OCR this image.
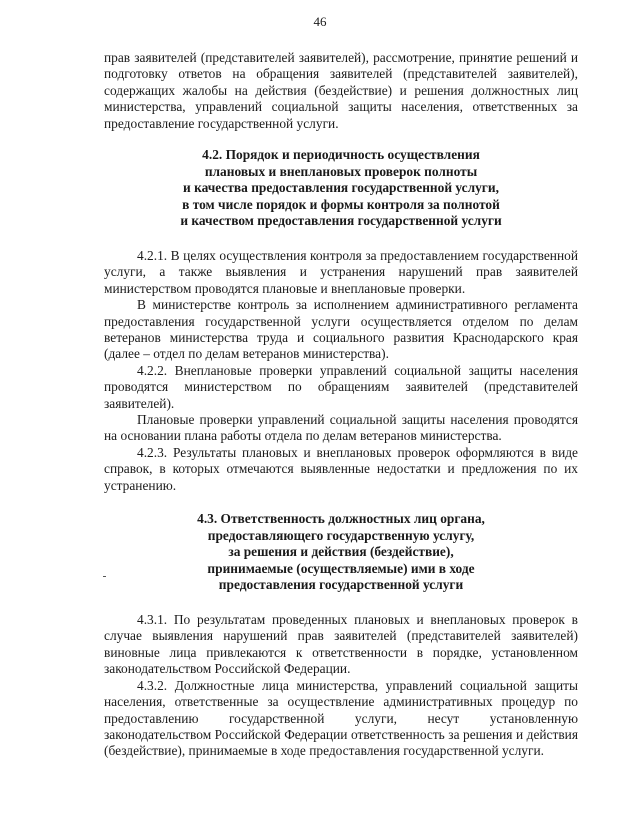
46

прав заявителей (представителей заявителей), рассмотрение, принятие решений и подготовку ответов на обращения заявителей (представителей заявителей), содержащих жалобы на действия (бездействие) и решения должностных лиц министерства, управлений социальной защиты населения, ответственных за предоставление государственной услуги.

4.2. Порядок и периодичность осуществления
плановых и внеплановых проверок полноты
и качества предоставления государственной услуги,
в том числе порядок и формы контроля за полнотой
и качеством предоставления государственной услуги

4.2.1. В целях осуществления контроля за предоставлением государственной услуги, а также выявления и устранения нарушений прав заявителей министерством проводятся плановые и внеплановые проверки.

В министерстве контроль за исполнением административного регламента предоставления государственной услуги осуществляется отделом по делам ветеранов министерства труда и социального развития Краснодарского края (далее – отдел по делам ветеранов министерства).

4.2.2. Внеплановые проверки управлений социальной защиты населения проводятся министерством по обращениям заявителей (представителей заявителей).

Плановые проверки управлений социальной защиты населения проводятся на основании плана работы отдела по делам ветеранов министерства.

4.2.3. Результаты плановых и внеплановых проверок оформляются в виде справок, в которых отмечаются выявленные недостатки и предложения по их устранению.

4.3. Ответственность должностных лиц органа,
предоставляющего государственную услугу,
за решения и действия (бездействие),
принимаемые (осуществляемые) ими в ходе
предоставления государственной услуги

4.3.1. По результатам проведенных плановых и внеплановых проверок в случае выявления нарушений прав заявителей (представителей заявителей) виновные лица привлекаются к ответственности в порядке, установленном законодательством Российской Федерации.

4.3.2. Должностные лица министерства, управлений социальной защиты населения, ответственные за осуществление административных процедур по предоставлению государственной услуги, несут установленную законодательством Российской Федерации ответственность за решения и действия (бездействие), принимаемые в ходе предоставления государственной услуги.
